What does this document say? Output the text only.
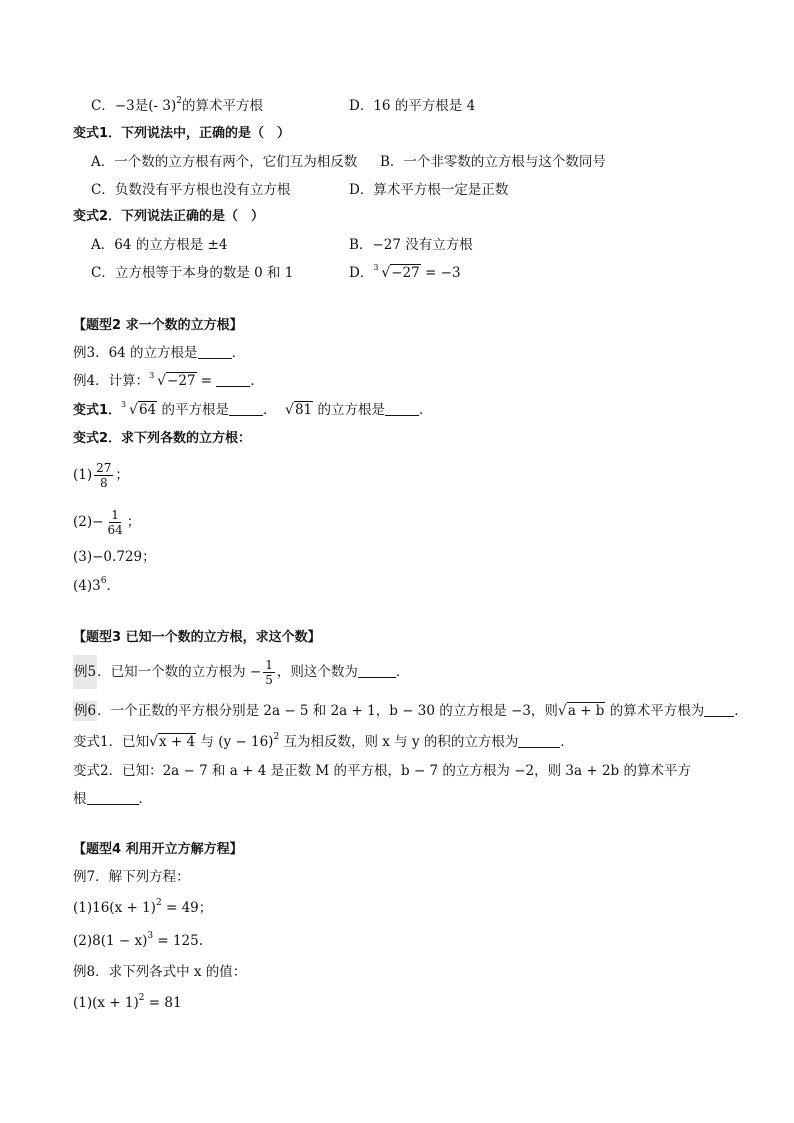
C．−3是(- 3)$^2$的算术平方根	D．16 的平方根是 4
变式1．下列说法中，正确的是（　）
A．一个数的立方根有两个，它们互为相反数 B．一个非零数的立方根与这个数同号
C．负数没有平方根也没有立方根	D．算术平方根一定是正数
变式2．下列说法正确的是（　）
A．64 的立方根是 ±4	B．−27 没有立方根
C．立方根等于本身的数是 0 和 1	D． 3 √−27 = −3
【题型2 求一个数的立方根】
例3．64 的立方根是	．
例4．计算： 3 √−27 =	．
变式1． 3 √64 的平方根是	． √81 的立方根是	．
变式2．求下列各数的立方根：
$(1) \frac{27}{8}$ ；
$(2)- \frac{1}{64}$ ；
(3)−0.729；
$(4)3^6$．
【题型3 已知一个数的立方根，求这个数】
例5．已知一个数的立方根为 − $\frac{1}{5}$ ，则这个数为	．
例6．一个正数的平方根分别是 2a − 5 和 2a + 1，b − 30 的立方根是 −3，则√a + b 的算术平方根为 ．
变式1．已知√x + 4 与 $(y - 16)^2$ 互为相反数，则 x 与 y 的积的立方根为	．
变式2．已知：2a − 7 和 a + 4 是正数 M 的平方根，b − 7 的立方根为 −2，则 3a + 2b 的算术平方
根	．
【题型4 利用开立方解方程】
例7．解下列方程：
$(1)16(x + 1)^2 = 49$；
$(2)8(1 - x)^3 = 125$.
例8．求下列各式中 x 的值：
$(1)(x + 1)^2 = 81$
